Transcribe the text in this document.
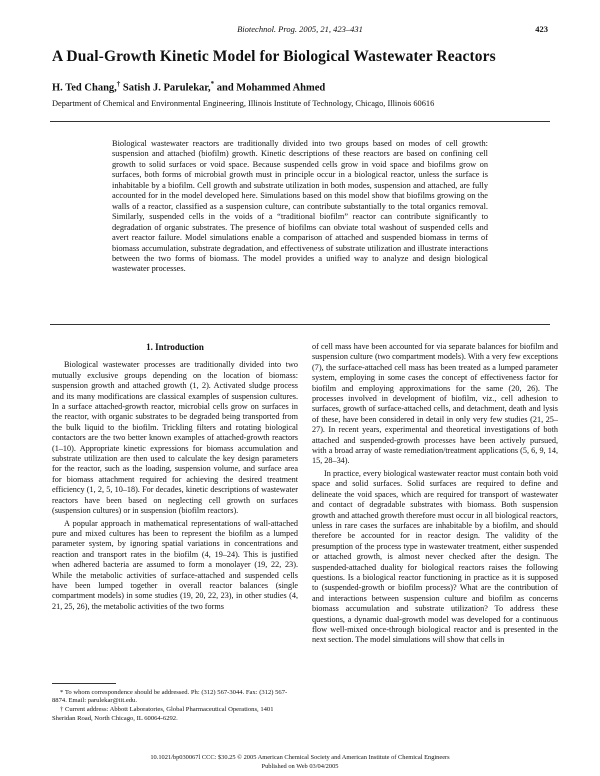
Biotechnol. Prog. 2005, 21, 423–431	423
A Dual-Growth Kinetic Model for Biological Wastewater Reactors
H. Ted Chang,† Satish J. Parulekar,* and Mohammed Ahmed
Department of Chemical and Environmental Engineering, Illinois Institute of Technology, Chicago, Illinois 60616
Biological wastewater reactors are traditionally divided into two groups based on modes of cell growth: suspension and attached (biofilm) growth. Kinetic descriptions of these reactors are based on confining cell growth to solid surfaces or void space. Because suspended cells grow in void space and biofilms grow on surfaces, both forms of microbial growth must in principle occur in a biological reactor, unless the surface is inhabitable by a biofilm. Cell growth and substrate utilization in both modes, suspension and attached, are fully accounted for in the model developed here. Simulations based on this model show that biofilms growing on the walls of a reactor, classified as a suspension culture, can contribute substantially to the total organics removal. Similarly, suspended cells in the voids of a “traditional biofilm” reactor can contribute significantly to degradation of organic substrates. The presence of biofilms can obviate total washout of suspended cells and avert reactor failure. Model simulations enable a comparison of attached and suspended biomass in terms of biomass accumulation, substrate degradation, and effectiveness of substrate utilization and illustrate interactions between the two forms of biomass. The model provides a unified way to analyze and design biological wastewater processes.
1. Introduction

Biological wastewater processes are traditionally divided into two mutually exclusive groups depending on the location of biomass: suspension growth and attached growth (1, 2). Activated sludge process and its many modifications are classical examples of suspension cultures. In a surface attached-growth reactor, microbial cells grow on surfaces in the reactor, with organic substrates to be degraded being transported from the bulk liquid to the biofilm. Trickling filters and rotating biological contactors are the two better known examples of attached-growth reactors (1–10). Appropriate kinetic expressions for biomass accumulation and substrate utilization are then used to calculate the key design parameters for the reactor, such as the loading, suspension volume, and surface area for biomass attachment required for achieving the desired treatment efficiency (1, 2, 5, 10–18). For decades, kinetic descriptions of wastewater reactors have been based on neglecting cell growth on surfaces (suspension cultures) or in suspension (biofilm reactors).

A popular approach in mathematical representations of wall-attached pure and mixed cultures has been to represent the biofilm as a lumped parameter system, by ignoring spatial variations in concentrations and reaction and transport rates in the biofilm (4, 19–24). This is justified when adhered bacteria are assumed to form a monolayer (19, 22, 23). While the metabolic activities of surface-attached and suspended cells have been lumped together in overall reactor balances (single compartment models) in some studies (19, 20, 22, 23), in other studies (4, 21, 25, 26), the metabolic activities of the two forms

of cell mass have been accounted for via separate balances for biofilm and suspension culture (two compartment models). With a very few exceptions (7), the surface-attached cell mass has been treated as a lumped parameter system, employing in some cases the concept of effectiveness factor for biofilm and employing approximations for the same (20, 26). The processes involved in development of biofilm, viz., cell adhesion to surfaces, growth of surface-attached cells, and detachment, death and lysis of these, have been considered in detail in only very few studies (21, 25–27). In recent years, experimental and theoretical investigations of both attached and suspended-growth processes have been actively pursued, with a broad array of waste remediation/treatment applications (5, 6, 9, 14, 15, 28–34).

In practice, every biological wastewater reactor must contain both void space and solid surfaces. Solid surfaces are required to define and delineate the void spaces, which are required for transport of wastewater and contact of degradable substrates with biomass. Both suspension growth and attached growth therefore must occur in all biological reactors, unless in rare cases the surfaces are inhabitable by a biofilm, and should therefore be accounted for in reactor design. The validity of the presumption of the process type in wastewater treatment, either suspended or attached growth, is almost never checked after the design. The suspended-attached duality for biological reactors raises the following questions. Is a biological reactor functioning in practice as it is supposed to (suspended-growth or biofilm process)? What are the contribution of and interactions between suspension culture and biofilm as concerns biomass accumulation and substrate utilization? To address these questions, a dynamic dual-growth model was developed for a continuous flow well-mixed once-through biological reactor and is presented in the next section. The model simulations will show that cells in

* To whom correspondence should be addressed. Ph: (312) 567-3044. Fax: (312) 567-8874. Email: parulekar@iit.edu.

† Current address: Abbott Laboratories, Global Pharmaceutical Operations, 1401 Sheridan Road, North Chicago, IL 60064-6292.

10.1021/bp030067l CCC: $30.25 © 2005 American Chemical Society and American Institute of Chemical Engineers
Published on Web 03/04/2005
